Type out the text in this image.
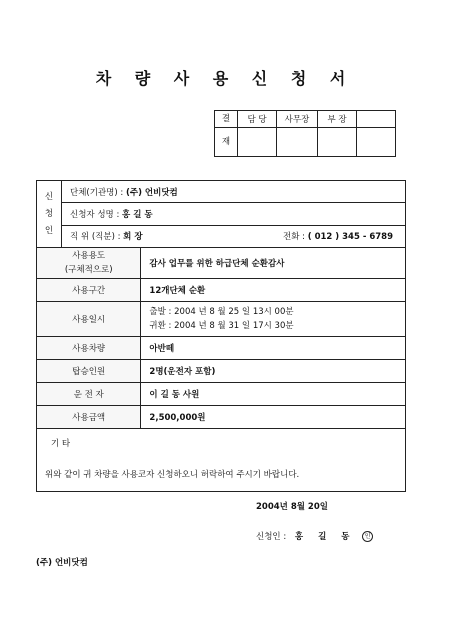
차 량 사 용 신 청 서
결	담 당	사무장	부 장	
재				
신
청
인	단체(기관명) : (주) 언비닷컴	
	신청자 성명 : 홍 길 동	
	직 위 (직분) : 회 장 전화 : ( 012 ) 345 - 6789	

사용용도
(구체적으로)		감사 업무를 위한 하급단체 순환감사
사용구간		12개단체 순환
사용일시		출발 : 2004 년 8 월 25 일 13시 00분
귀환 : 2004 년 8 월 31 일 17시 30분
사용차량		아반떼
탑승인원		2명(운전자 포함)
운 전 자		이 길 동 사원
사용금액		2,500,000원
기 타		
위와 같이 귀 차량을 사용코자 신청하오니 허락하여 주시기 바랍니다.
2004년 8월 20일
신청인 : 홍 길 동 인
(주) 언비닷컴
